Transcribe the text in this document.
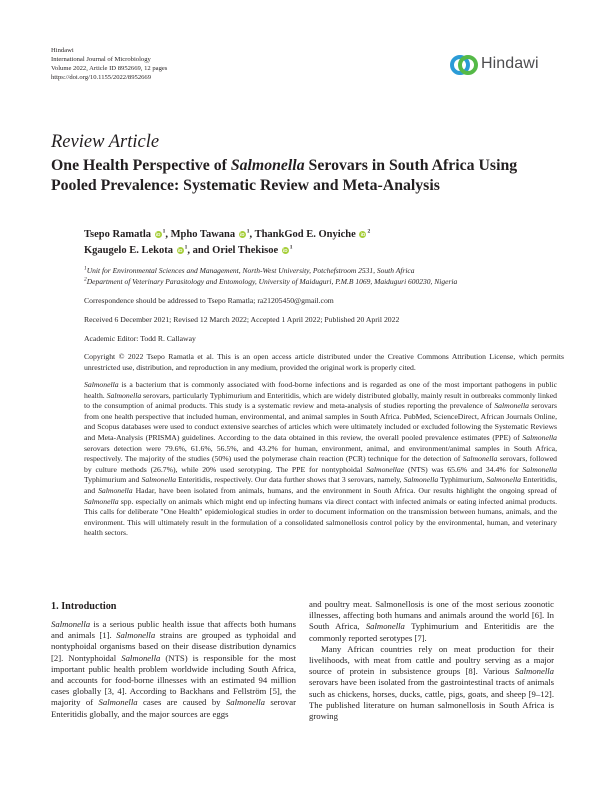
Hindawi
International Journal of Microbiology
Volume 2022, Article ID 8952669, 12 pages
https://doi.org/10.1155/2022/8952669
Hindawi
Review Article
One Health Perspective of Salmonella Serovars in South Africa Using Pooled Prevalence: Systematic Review and Meta-Analysis
Tsepo Ramatla iD $^1$, Mpho Tawana iD $^1$, ThankGod E. Onyiche iD $^2$
Kgaugelo E. Lekota iD $^1$, and Oriel Thekisoe iD $^1$
$^1$Unit for Environmental Sciences and Management, North-West University, Potchefstroom 2531, South Africa
$^2$Department of Veterinary Parasitology and Entomology, University of Maiduguri, P.M.B 1069, Maiduguri 600230, Nigeria
Correspondence should be addressed to Tsepo Ramatla; ra21205450@gmail.com
Received 6 December 2021; Revised 12 March 2022; Accepted 1 April 2022; Published 20 April 2022
Academic Editor: Todd R. Callaway
Copyright © 2022 Tsepo Ramatla et al. This is an open access article distributed under the Creative Commons Attribution License, which permits unrestricted use, distribution, and reproduction in any medium, provided the original work is properly cited.
Salmonella is a bacterium that is commonly associated with food-borne infections and is regarded as one of the most important pathogens in public health. Salmonella serovars, particularly Typhimurium and Enteritidis, which are widely distributed globally, mainly result in outbreaks commonly linked to the consumption of animal products. This study is a systematic review and meta-analysis of studies reporting the prevalence of Salmonella serovars from one health perspective that included human, environmental, and animal samples in South Africa. PubMed, ScienceDirect, African Journals Online, and Scopus databases were used to conduct extensive searches of articles which were ultimately included or excluded following the Systematic Reviews and Meta-Analysis (PRISMA) guidelines. According to the data obtained in this review, the overall pooled prevalence estimates (PPE) of Salmonella serovars detection were 79.6%, 61.6%, 56.5%, and 43.2% for human, environment, animal, and environment/animal samples in South Africa, respectively. The majority of the studies (50%) used the polymerase chain reaction (PCR) technique for the detection of Salmonella serovars, followed by culture methods (26.7%), while 20% used serotyping. The PPE for nontyphoidal Salmonellae (NTS) was 65.6% and 34.4% for Salmonella Typhimurium and Salmonella Enteritidis, respectively. Our data further shows that 3 serovars, namely, Salmonella Typhimurium, Salmonella Enteritidis, and Salmonella Hadar, have been isolated from animals, humans, and the environment in South Africa. Our results highlight the ongoing spread of Salmonella spp. especially on animals which might end up infecting humans via direct contact with infected animals or eating infected animal products. This calls for deliberate "One Health" epidemiological studies in order to document information on the transmission between humans, animals, and the environment. This will ultimately result in the formulation of a consolidated salmonellosis control policy by the environmental, human, and veterinary health sectors.
1. Introduction

Salmonella is a serious public health issue that affects both humans and animals [1]. Salmonella strains are grouped as typhoidal and nontyphoidal organisms based on their disease distribution dynamics [2]. Nontyphoidal Salmonella (NTS) is responsible for the most important public health problem worldwide including South Africa, and accounts for food-borne illnesses with an estimated 94 million cases globally [3, 4]. According to Backhans and Fellström [5], the majority of Salmonella cases are caused by Salmonella serovar Enteritidis globally, and the major sources are eggs

and poultry meat. Salmonellosis is one of the most serious zoonotic illnesses, affecting both humans and animals around the world [6]. In South Africa, Salmonella Typhimurium and Enteritidis are the commonly reported serotypes [7].

Many African countries rely on meat production for their livelihoods, with meat from cattle and poultry serving as a major source of protein in subsistence groups [8]. Various Salmonella serovars have been isolated from the gastrointestinal tracts of animals such as chickens, horses, ducks, cattle, pigs, goats, and sheep [9–12]. The published literature on human salmonellosis in South Africa is growing
